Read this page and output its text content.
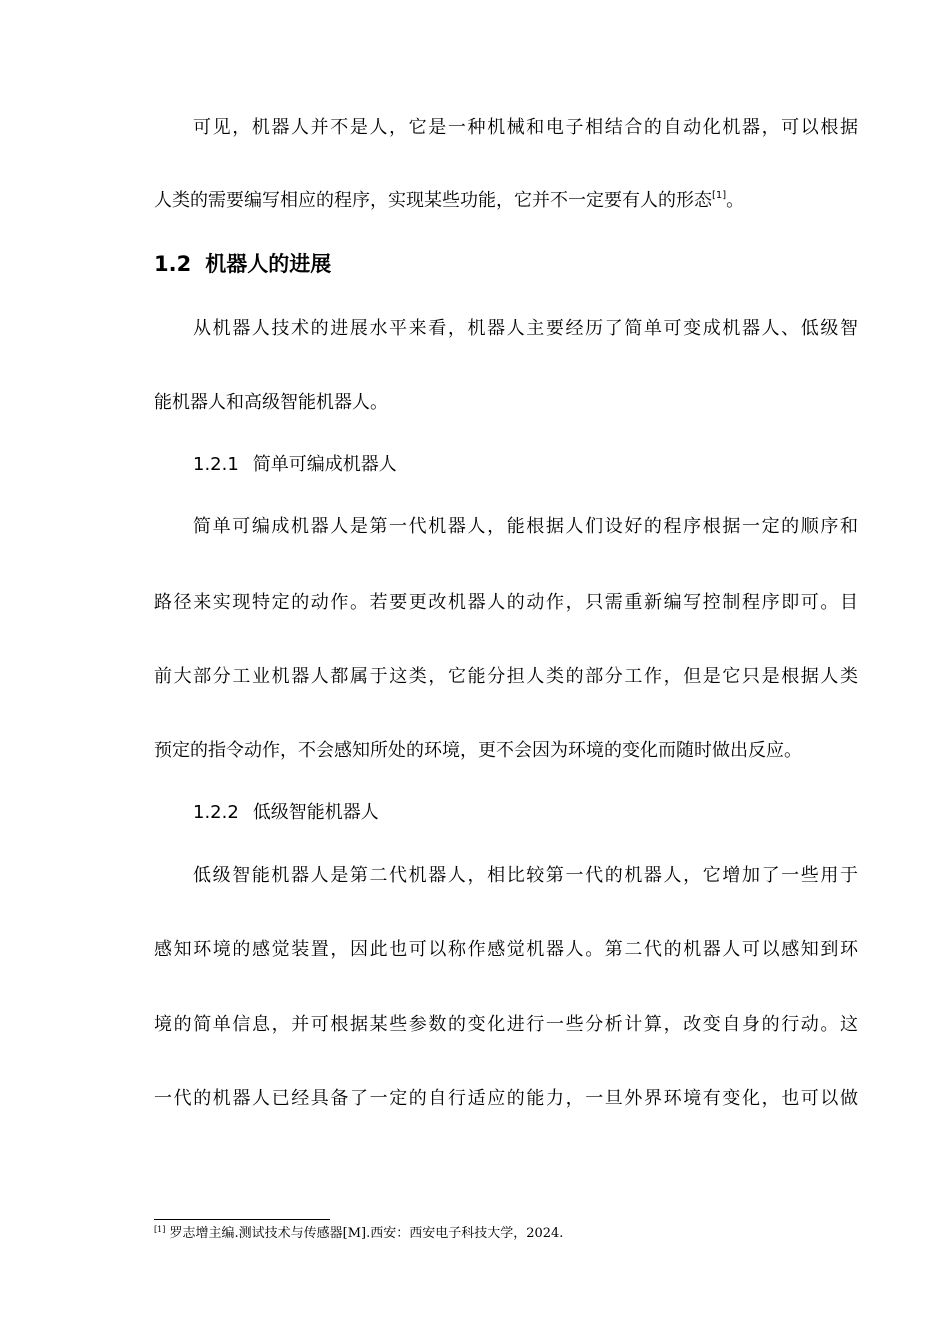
可见，机器人并不是人，它是一种机械和电子相结合的自动化机器，可以根据
人类的需要编写相应的程序，实现某些功能，它并不一定要有人的形态[1]。
1.2 机器人的进展
从机器人技术的进展水平来看，机器人主要经历了简单可变成机器人、低级智
能机器人和高级智能机器人。
1.2.1 简单可编成机器人
简单可编成机器人是第一代机器人，能根据人们设好的程序根据一定的顺序和
路径来实现特定的动作。若要更改机器人的动作，只需重新编写控制程序即可。目
前大部分工业机器人都属于这类，它能分担人类的部分工作，但是它只是根据人类
预定的指令动作，不会感知所处的环境，更不会因为环境的变化而随时做出反应。
1.2.2 低级智能机器人
低级智能机器人是第二代机器人，相比较第一代的机器人，它增加了一些用于
感知环境的感觉装置，因此也可以称作感觉机器人。第二代的机器人可以感知到环
境的简单信息，并可根据某些参数的变化进行一些分析计算，改变自身的行动。这
一代的机器人已经具备了一定的自行适应的能力，一旦外界环境有变化，也可以做
[1] 罗志增主编.测试技术与传感器[M].西安：西安电子科技大学，2024.
